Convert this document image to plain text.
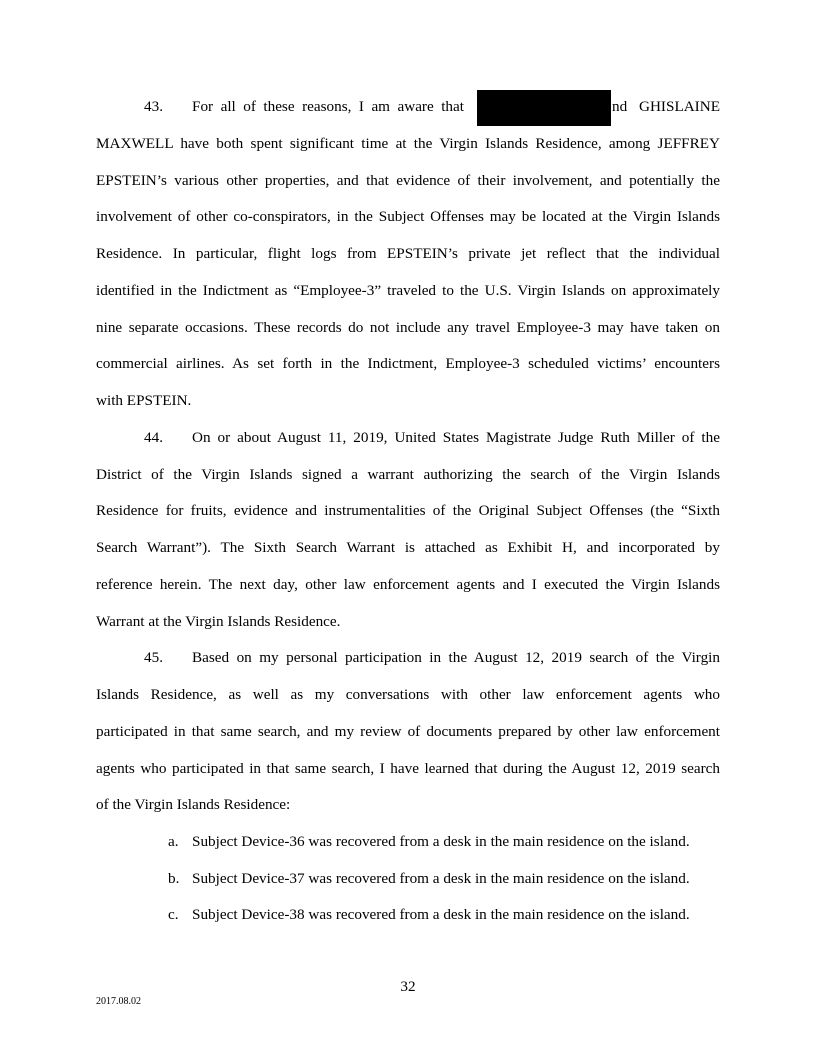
43. For all of these reasons, I am aware that	nd GHISLAINE
MAXWELL have both spent significant time at the Virgin Islands Residence, among JEFFREY
EPSTEIN’s various other properties, and that evidence of their involvement, and potentially the
involvement of other co-conspirators, in the Subject Offenses may be located at the Virgin Islands
Residence. In particular, flight logs from EPSTEIN’s private jet reflect that the individual
identified in the Indictment as “Employee-3” traveled to the U.S. Virgin Islands on approximately
nine separate occasions. These records do not include any travel Employee-3 may have taken on
commercial airlines. As set forth in the Indictment, Employee-3 scheduled victims’ encounters
with EPSTEIN.
44. On or about August 11, 2019, United States Magistrate Judge Ruth Miller of the
District of the Virgin Islands signed a warrant authorizing the search of the Virgin Islands
Residence for fruits, evidence and instrumentalities of the Original Subject Offenses (the “Sixth
Search Warrant”). The Sixth Search Warrant is attached as Exhibit H, and incorporated by
reference herein. The next day, other law enforcement agents and I executed the Virgin Islands
Warrant at the Virgin Islands Residence.
45. Based on my personal participation in the August 12, 2019 search of the Virgin
Islands Residence, as well as my conversations with other law enforcement agents who
participated in that same search, and my review of documents prepared by other law enforcement
agents who participated in that same search, I have learned that during the August 12, 2019 search
of the Virgin Islands Residence:
a. Subject Device-36 was recovered from a desk in the main residence on the island.
b. Subject Device-37 was recovered from a desk in the main residence on the island.
c. Subject Device-38 was recovered from a desk in the main residence on the island.
32
2017.08.02
